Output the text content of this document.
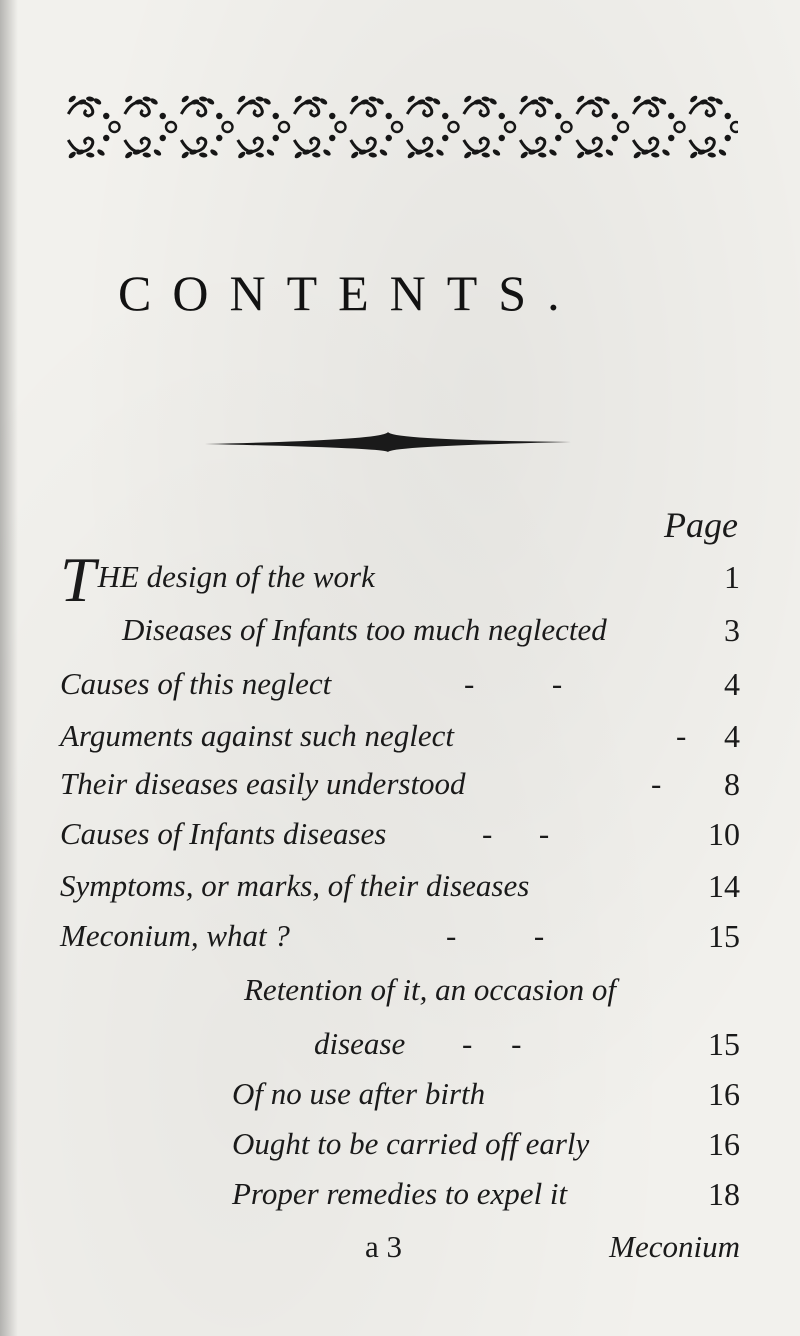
CONTENTS.
Page
THE design of the work	1
Diseases of Infants too much neglected	3
Causes of this neglect	-          -	4
Arguments against such neglect	- 4
Their diseases easily understood	- 8
Causes of Infants diseases	-      -	10
Symptoms, or marks, of their diseases	14
Meconium, what ?	-          -	15
Retention of it, an occasion of
disease -     -	15
Of no use after birth	16
Ought to be carried off early	16
Proper remedies to expel it	18
a 3	Meconium
